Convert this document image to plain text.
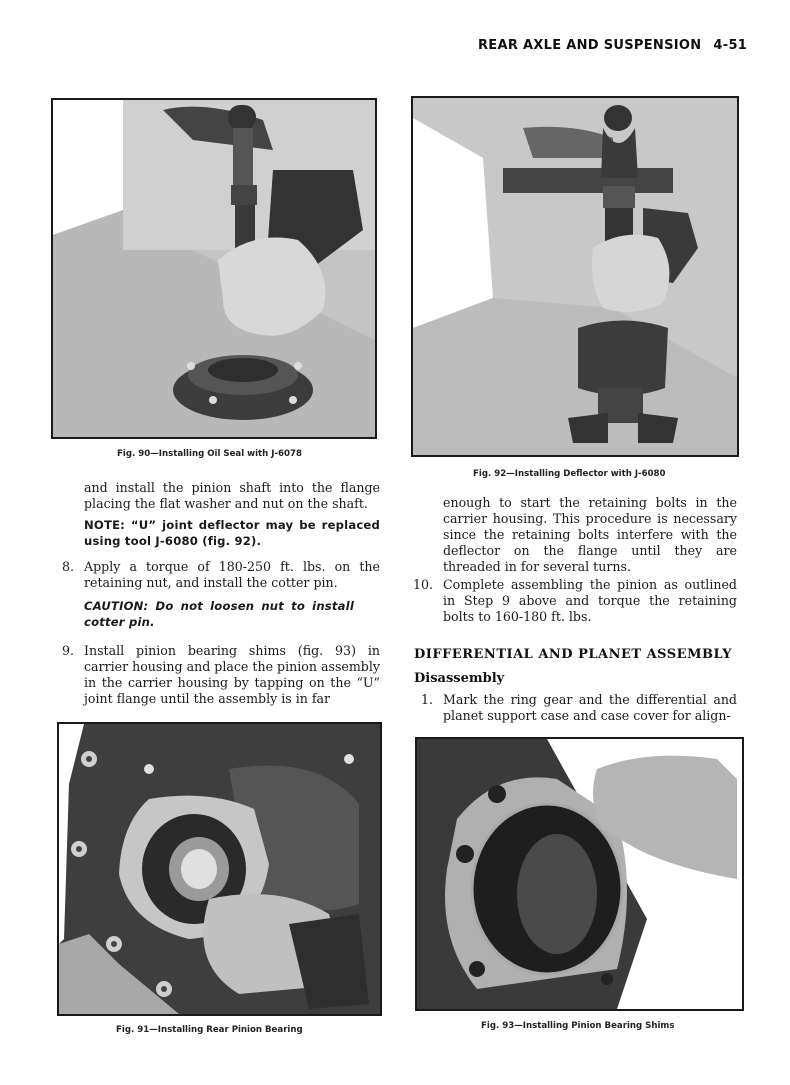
REAR AXLE AND SUSPENSION 4-51
Fig. 90—Installing Oil Seal with J-6078
Fig. 92—Installing Deflector with J-6080
and install the pinion shaft into the flange placing the flat washer and nut on the shaft.
NOTE: “U” joint deflector may be replaced using tool J-6080 (fig. 92).
8. Apply a torque of 180-250 ft. lbs. on the retaining nut, and install the cotter pin.
CAUTION: Do not loosen nut to install cotter pin.
9. Install pinion bearing shims (fig. 93) in carrier housing and place the pinion assembly in the carrier housing by tapping on the “U” joint flange until the assembly is in far
enough to start the retaining bolts in the carrier housing. This procedure is necessary since the retaining bolts interfere with the deflector on the flange until they are threaded in for several turns.
10. Complete assembling the pinion as outlined in Step 9 above and torque the retaining bolts to 160-180 ft. lbs.
DIFFERENTIAL AND PLANET ASSEMBLY
Disassembly
1. Mark the ring gear and the differential and planet support case and case cover for align-
Fig. 91—Installing Rear Pinion Bearing	Fig. 93—Installing Pinion Bearing Shims
